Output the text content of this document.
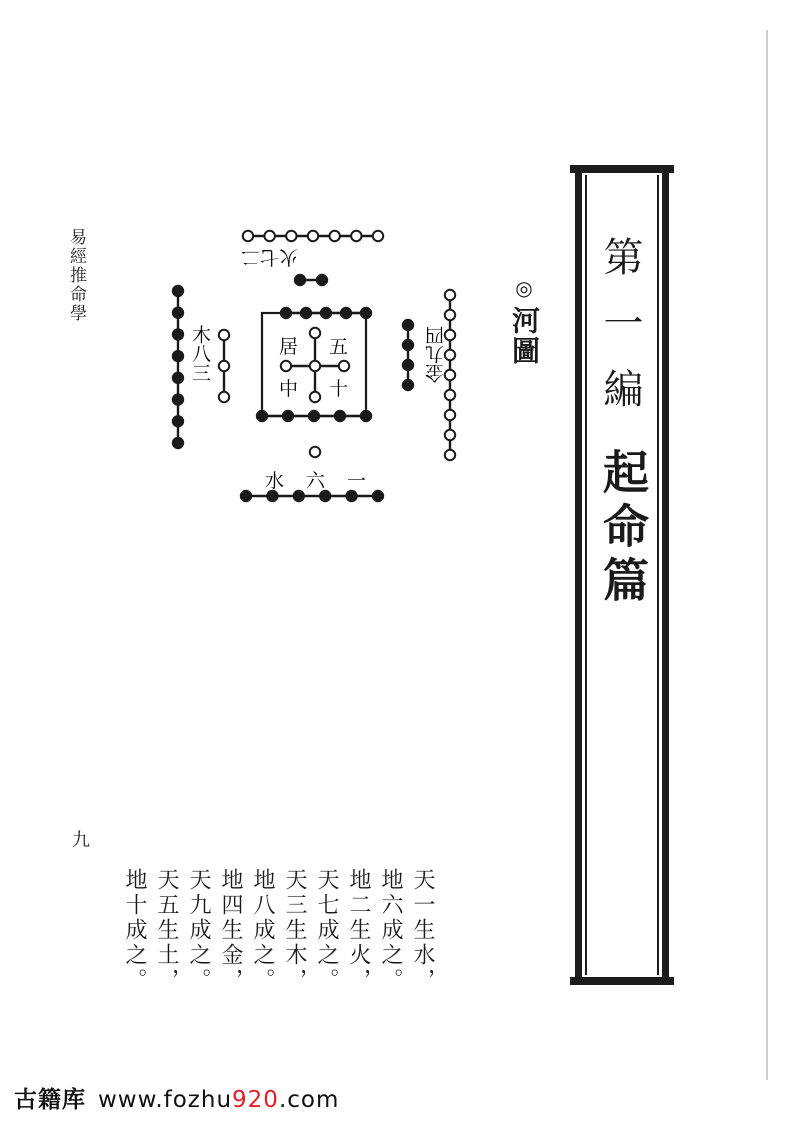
易經推命學
九
第一編
起命篇
◎河圖
火七二
金九四
木八三
水六一
居
中
五
十
天一生水，
地六成之。
地二生火，
天七成之。
天三生木，
地八成之。
地四生金，
天九成之。
天五生土，
地十成之。
古籍库 www.fozhu920.com
